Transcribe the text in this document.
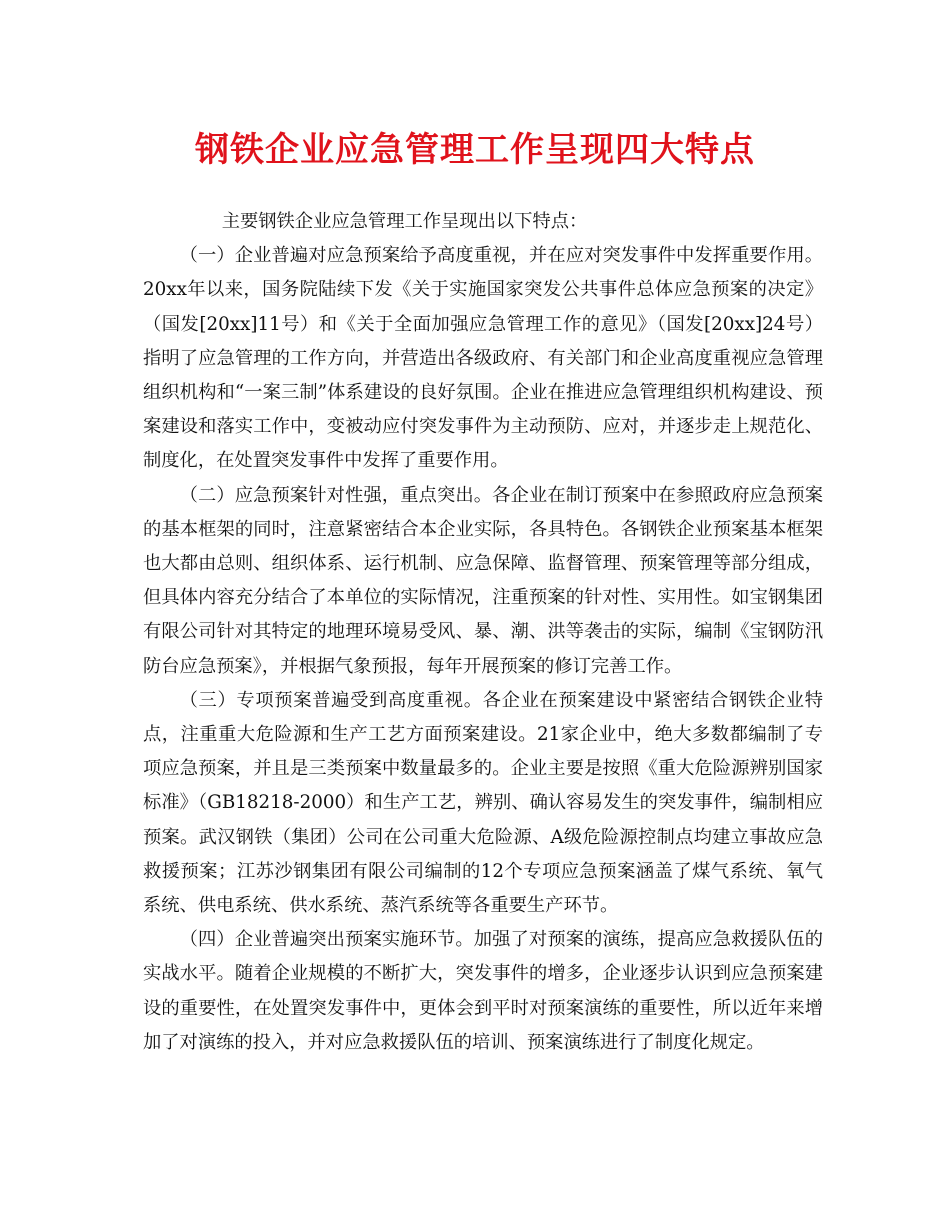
钢铁企业应急管理工作呈现四大特点

主要钢铁企业应急管理工作呈现出以下特点：

（一）企业普遍对应急预案给予高度重视，并在应对突发事件中发挥重要作用。20xx年以来，国务院陆续下发《关于实施国家突发公共事件总体应急预案的决定》（国发[20xx]11号）和《关于全面加强应急管理工作的意见》（国发[20xx]24号）指明了应急管理的工作方向，并营造出各级政府、有关部门和企业高度重视应急管理组织机构和“一案三制”体系建设的良好氛围。企业在推进应急管理组织机构建设、预案建设和落实工作中，变被动应付突发事件为主动预防、应对，并逐步走上规范化、制度化，在处置突发事件中发挥了重要作用。

（二）应急预案针对性强，重点突出。各企业在制订预案中在参照政府应急预案的基本框架的同时，注意紧密结合本企业实际，各具特色。各钢铁企业预案基本框架也大都由总则、组织体系、运行机制、应急保障、监督管理、预案管理等部分组成，但具体内容充分结合了本单位的实际情况，注重预案的针对性、实用性。如宝钢集团有限公司针对其特定的地理环境易受风、暴、潮、洪等袭击的实际，编制《宝钢防汛防台应急预案》，并根据气象预报，每年开展预案的修订完善工作。

（三）专项预案普遍受到高度重视。各企业在预案建设中紧密结合钢铁企业特点，注重重大危险源和生产工艺方面预案建设。21家企业中，绝大多数都编制了专项应急预案，并且是三类预案中数量最多的。企业主要是按照《重大危险源辨别国家标准》（GB18218-2000）和生产工艺，辨别、确认容易发生的突发事件，编制相应预案。武汉钢铁（集团）公司在公司重大危险源、A级危险源控制点均建立事故应急救援预案；江苏沙钢集团有限公司编制的12个专项应急预案涵盖了煤气系统、氧气系统、供电系统、供水系统、蒸汽系统等各重要生产环节。

（四）企业普遍突出预案实施环节。加强了对预案的演练，提高应急救援队伍的实战水平。随着企业规模的不断扩大，突发事件的增多，企业逐步认识到应急预案建设的重要性，在处置突发事件中，更体会到平时对预案演练的重要性，所以近年来增加了对演练的投入，并对应急救援队伍的培训、预案演练进行了制度化规定。
